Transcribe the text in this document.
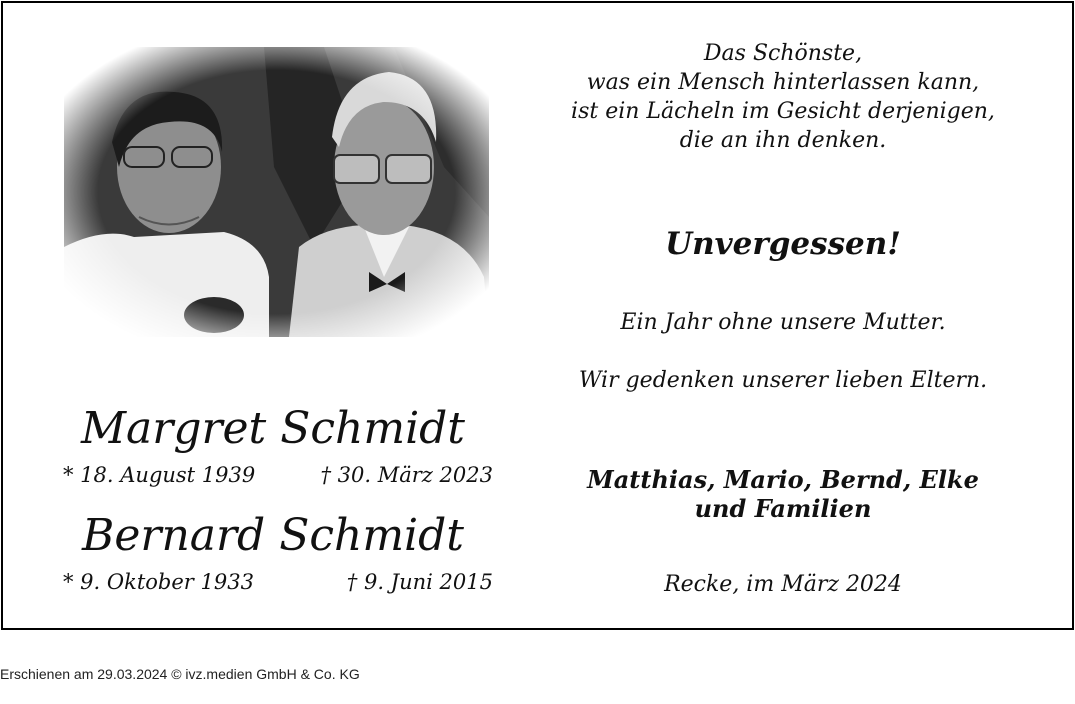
Margret Schmidt
* 18. August 1939	† 30. März 2023
Bernard Schmidt
* 9. Oktober 1933	† 9. Juni 2015
Das Schönste,
was ein Mensch hinterlassen kann,
ist ein Lächeln im Gesicht derjenigen,
die an ihn denken.
Unvergessen!
Ein Jahr ohne unsere Mutter.
Wir gedenken unserer lieben Eltern.
Matthias, Mario, Bernd, Elke
und Familien
Recke, im März 2024
Erschienen am 29.03.2024 © ivz.medien GmbH & Co. KG
